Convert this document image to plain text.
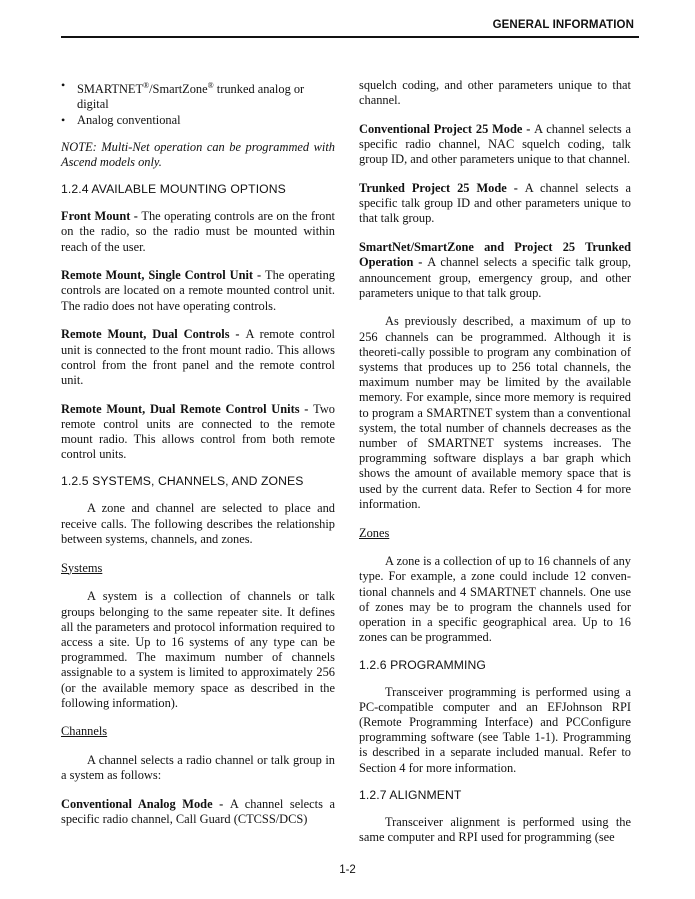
GENERAL INFORMATION
• SMARTNET®/SmartZone® trunked analog or digital
• Analog conventional

NOTE: Multi-Net operation can be programmed with Ascend models only.

1.2.4 AVAILABLE MOUNTING OPTIONS

Front Mount - The operating controls are on the front on the radio, so the radio must be mounted within reach of the user.

Remote Mount, Single Control Unit - The operating controls are located on a remote mounted control unit. The radio does not have operating controls.

Remote Mount, Dual Controls - A remote control unit is connected to the front mount radio. This allows control from the front panel and the remote control unit.

Remote Mount, Dual Remote Control Units - Two remote control units are connected to the remote mount radio. This allows control from both remote control units.

1.2.5 SYSTEMS, CHANNELS, AND ZONES

A zone and channel are selected to place and receive calls. The following describes the relationship between systems, channels, and zones.

Systems

A system is a collection of channels or talk groups belonging to the same repeater site. It defines all the parameters and protocol information required to access a site. Up to 16 systems of any type can be programmed. The maximum number of channels assignable to a system is limited to approximately 256 (or the available memory space as described in the following information).

Channels

A channel selects a radio channel or talk group in a system as follows:

Conventional Analog Mode - A channel selects a specific radio channel, Call Guard (CTCSS/DCS)

squelch coding, and other parameters unique to that channel.

Conventional Project 25 Mode - A channel selects a specific radio channel, NAC squelch coding, talk group ID, and other parameters unique to that channel.

Trunked Project 25 Mode - A channel selects a specific talk group ID and other parameters unique to that talk group.

SmartNet/SmartZone and Project 25 Trunked Operation - A channel selects a specific talk group, announcement group, emergency group, and other parameters unique to that talk group.

As previously described, a maximum of up to 256 channels can be programmed. Although it is theoreti-cally possible to program any combination of systems that produces up to 256 total channels, the maximum number may be limited by the available memory. For example, since more memory is required to program a SMARTNET system than a conventional system, the total number of channels decreases as the number of SMARTNET systems increases. The programming software displays a bar graph which shows the amount of available memory space that is used by the current data. Refer to Section 4 for more information.

Zones

A zone is a collection of up to 16 channels of any type. For example, a zone could include 12 conven-tional channels and 4 SMARTNET channels. One use of zones may be to program the channels used for operation in a specific geographical area. Up to 16 zones can be programmed.

1.2.6 PROGRAMMING

Transceiver programming is performed using a PC-compatible computer and an EFJohnson RPI (Remote Programming Interface) and PCConfigure programming software (see Table 1-1). Programming is described in a separate included manual. Refer to Section 4 for more information.

1.2.7 ALIGNMENT

Transceiver alignment is performed using the same computer and RPI used for programming (see

1-2
